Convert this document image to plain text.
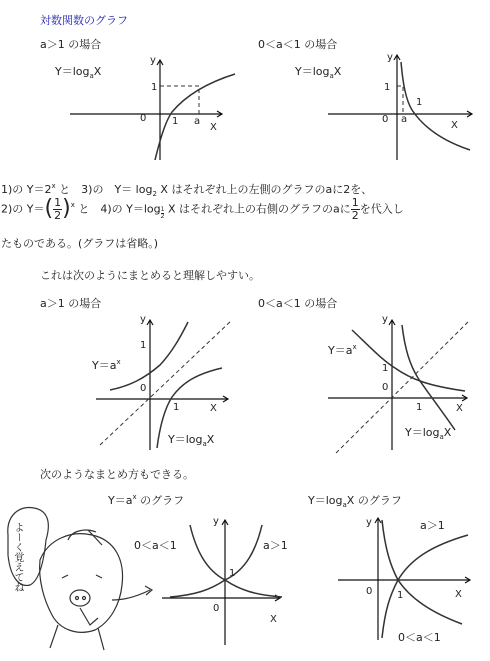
対数関数のグラフ
a＞1 の場合	0＜a＜1 の場合
$Y=\log_aX$	$Y=\log_aX$
y
1
0	1 a
X
y
1
0 a
1
X
y
1
0
1	X
y
1
0
1	X
y
1
0
X
y
0 1	X
1)の $Y=2^x$ と　3)の　$Y= \log_2 X$ はそれぞれ上の左側のグラフのaに2を、
2)の $Y=( \frac{1}{2} )^x$ と　4)の $Y=\log \frac{1}{2}$ X はそれぞれ上の右側のグラフのaに $\frac{1}{2}$ を代入し
たものである。(グラフは省略。)
これは次のようにまとめると理解しやすい。
a＞1 の場合	0＜a＜1 の場合
$Y=a^x$
$Y=\log_aX$
$Y=a^x$
$Y=\log_aX$
次のようなまとめ方もできる。
$Y=a^x$ のグラフ	$Y=\log_aX$ のグラフ
0＜a＜1	a＞1
a＞1
0＜a＜1
よーく覚えてね
